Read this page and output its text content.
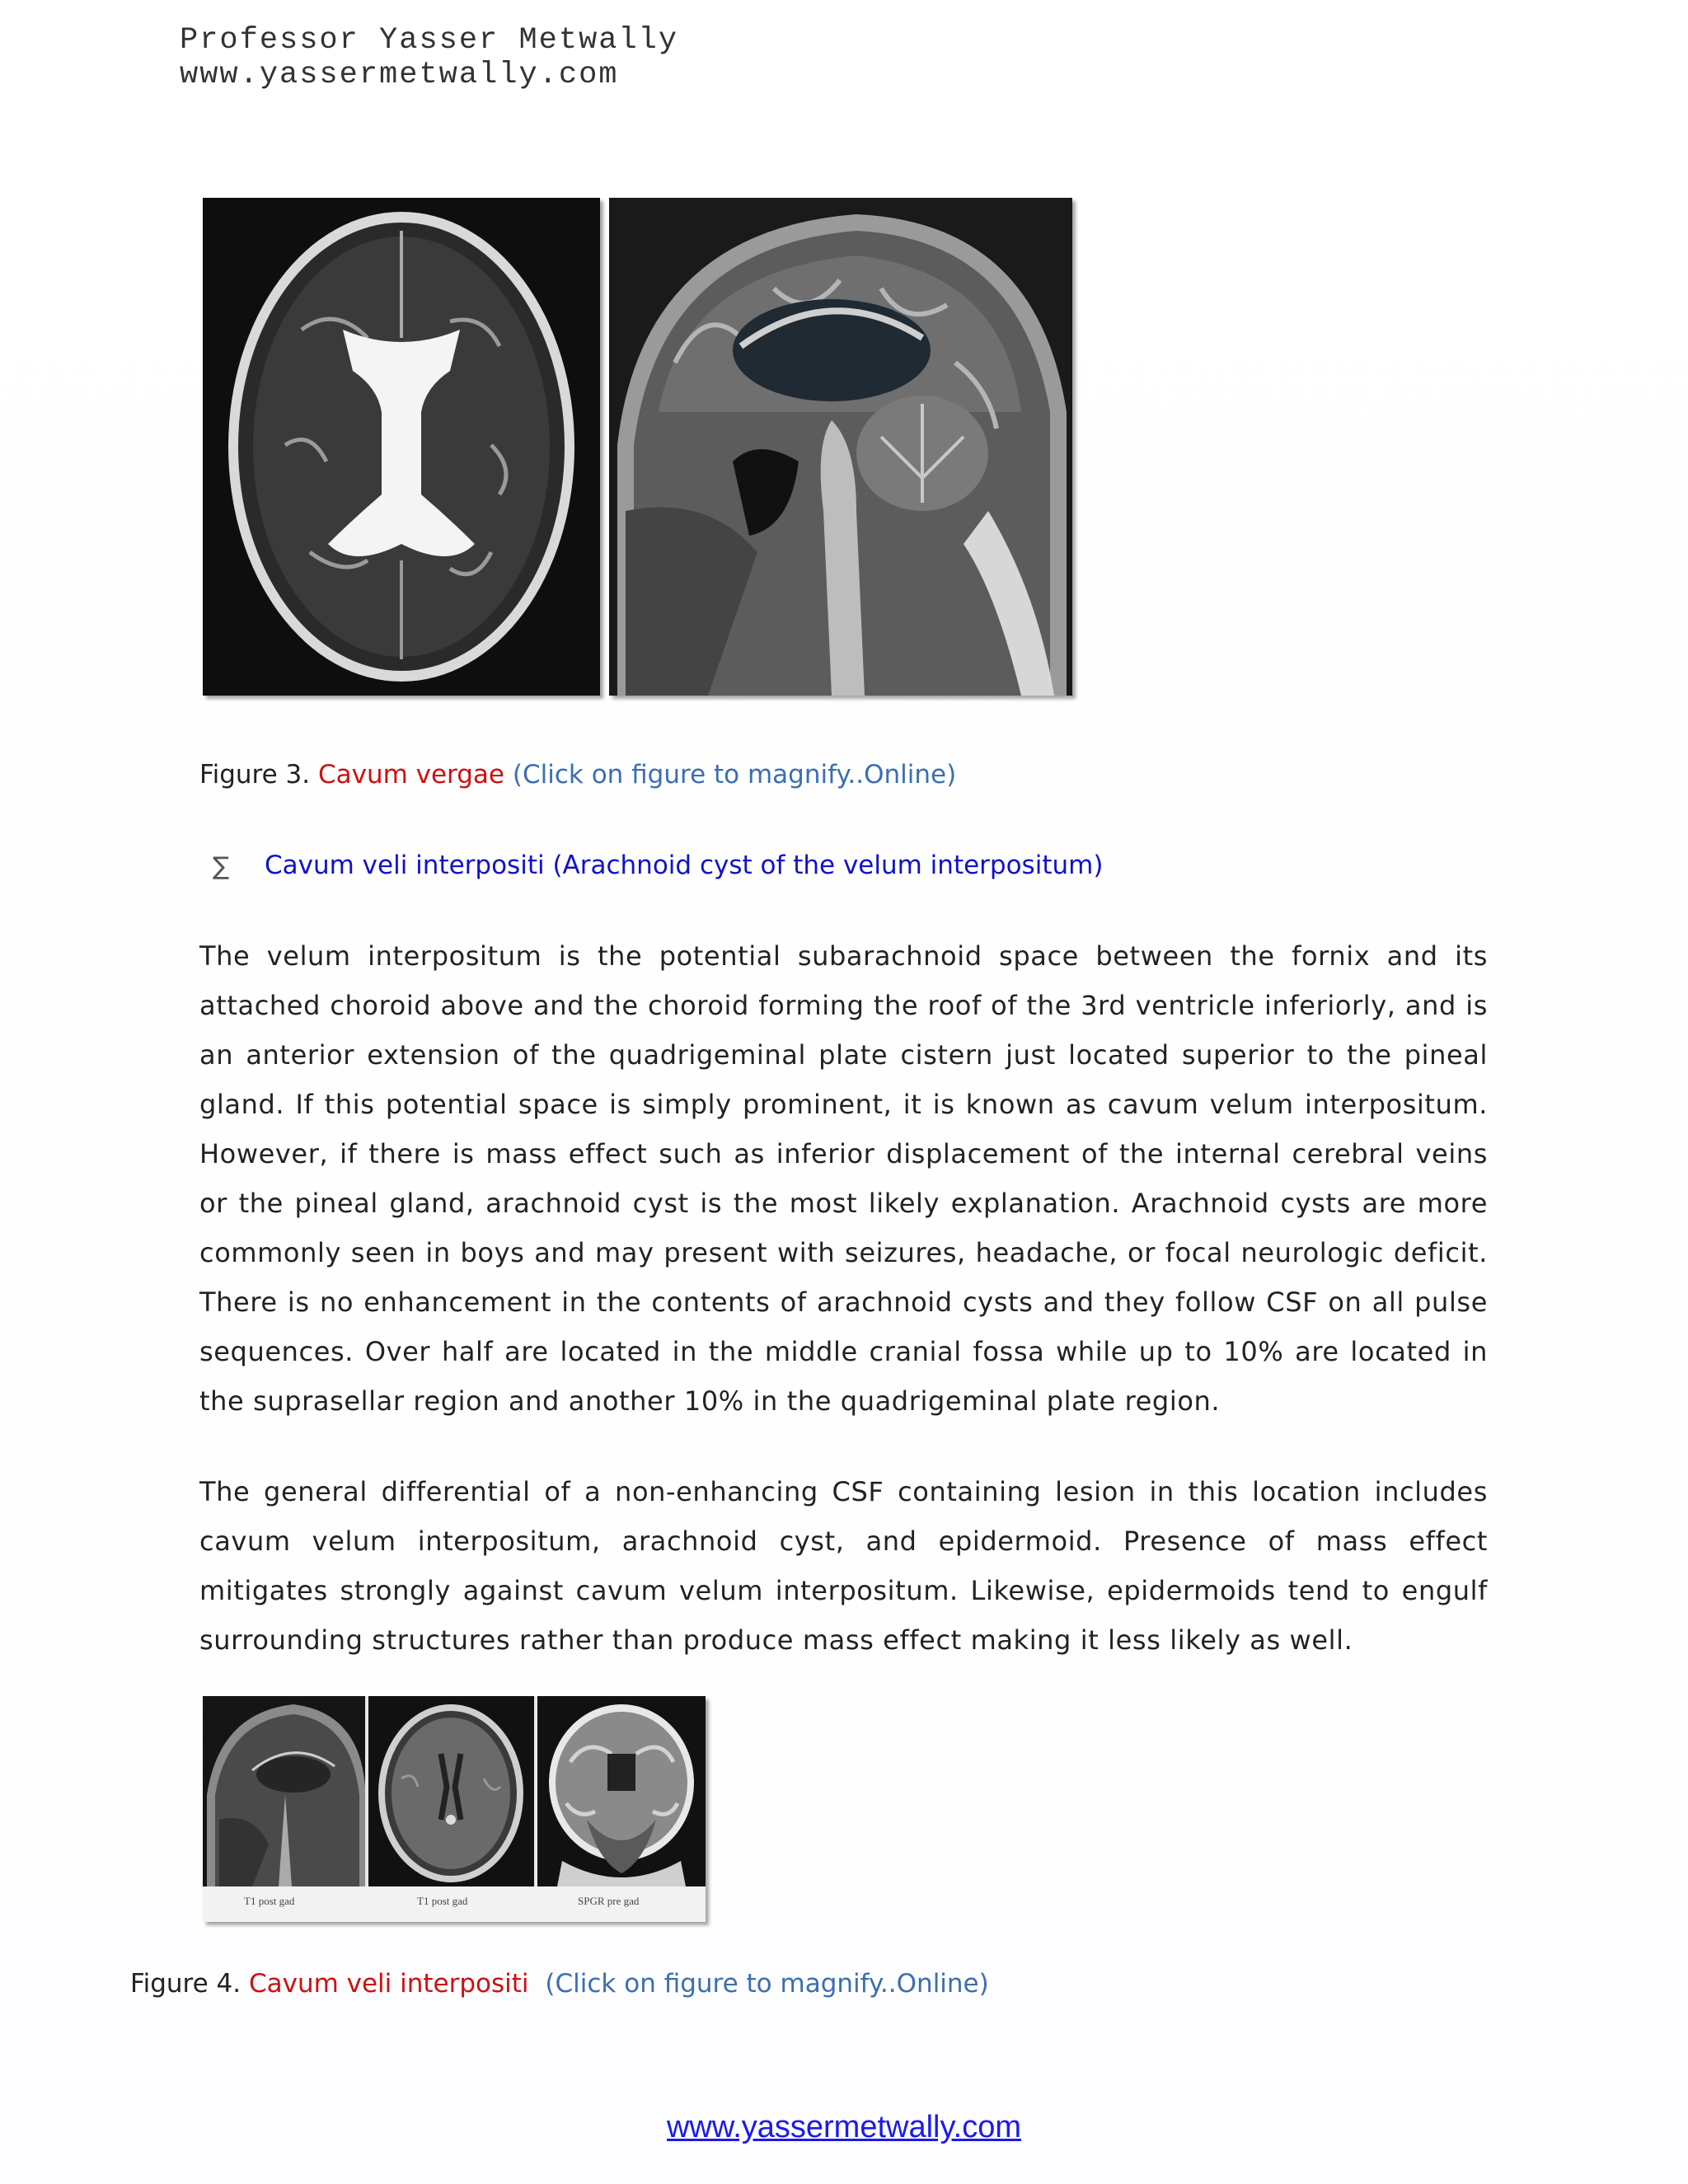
Professor Yasser Metwally
www.yassermetwally.com
Figure 3. Cavum vergae (Click on figure to magnify..Online)
∑ Cavum veli interpositi (Arachnoid cyst of the velum interpositum)
The velum interpositum is the potential subarachnoid space between the fornix and its attached choroid above and the choroid forming the roof of the 3rd ventricle inferiorly, and is an anterior extension of the quadrigeminal plate cistern just located superior to the pineal gland. If this potential space is simply prominent, it is known as cavum velum interpositum. However, if there is mass effect such as inferior displacement of the internal cerebral veins or the pineal gland, arachnoid cyst is the most likely explanation. Arachnoid cysts are more commonly seen in boys and may present with seizures, headache, or focal neurologic deficit. There is no enhancement in the contents of arachnoid cysts and they follow CSF on all pulse sequences. Over half are located in the middle cranial fossa while up to 10% are located in the suprasellar region and another 10% in the quadrigeminal plate region.
The general differential of a non-enhancing CSF containing lesion in this location includes cavum velum interpositum, arachnoid cyst, and epidermoid. Presence of mass effect mitigates strongly against cavum velum interpositum. Likewise, epidermoids tend to engulf surrounding structures rather than produce mass effect making it less likely as well.
T1 post gad	T1 post gad	SPGR pre gad
Figure 4. Cavum veli interpositi (Click on figure to magnify..Online)
www.yassermetwally.com
